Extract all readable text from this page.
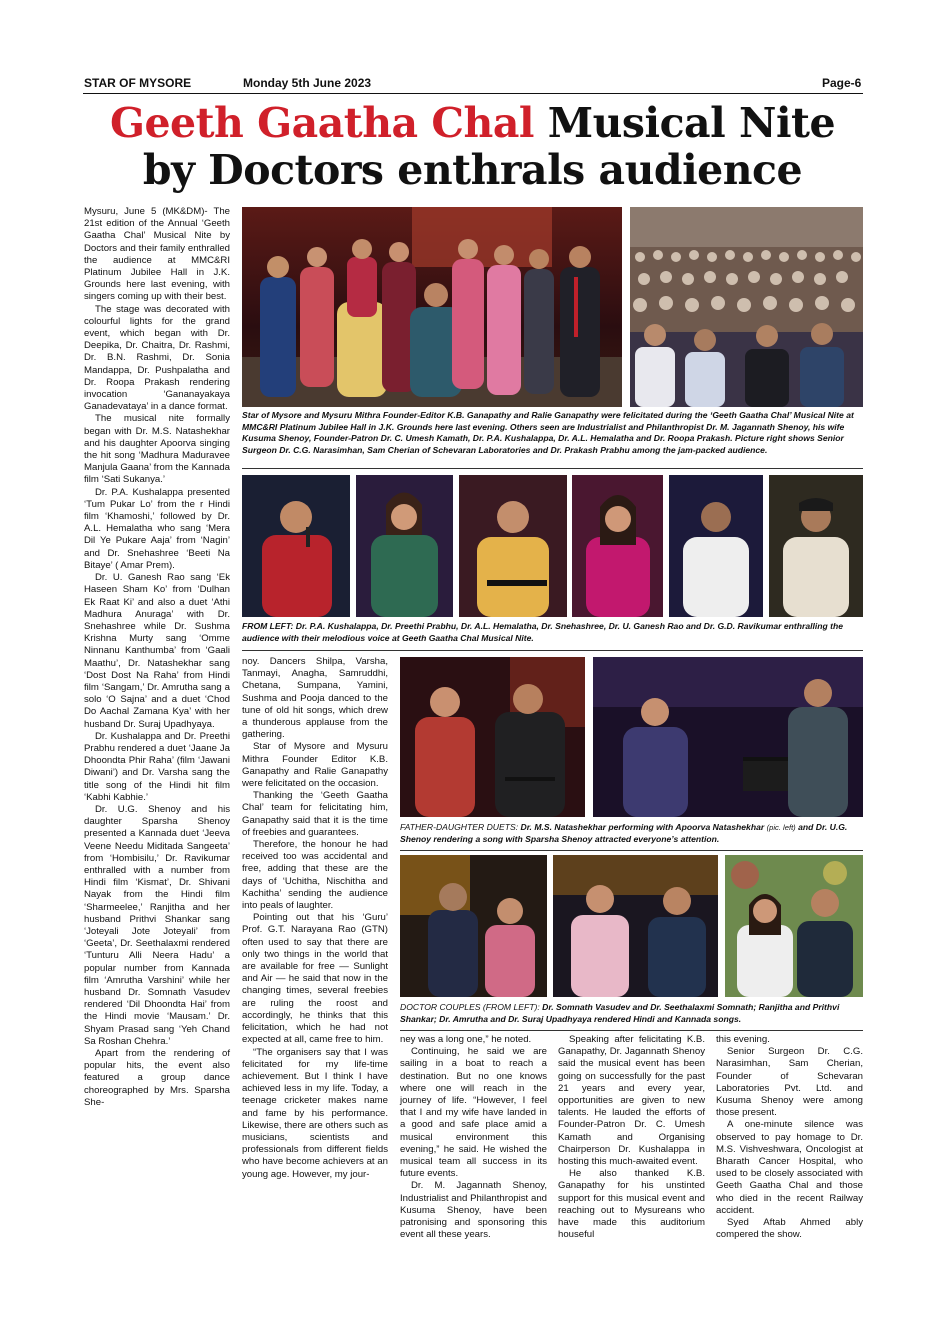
STAR OF MYSORE	Monday 5th June 2023	Page-6
Geeth Gaatha Chal Musical Nite
by Doctors enthrals audience

Mysuru, June 5 (MK&DM)- The 21st edition of the Annual ‘Geeth Gaatha Chal’ Musical Nite by Doctors and their family enthralled the audience at MMC&RI Platinum Jubilee Hall in J.K. Grounds here last evening, with singers coming up with their best.

The stage was decorated with colourful lights for the grand event, which began with Dr. Deepika, Dr. Chaitra, Dr. Rashmi, Dr. B.N. Rashmi, Dr. Sonia Mandappa, Dr. Pushpalatha and Dr. Roopa Prakash rendering invocation ‘Gananayakaya Ganadevataya’ in a dance format.

The musical nite formally began with Dr. M.S. Natashekhar and his daughter Apoorva singing the hit song ‘Madhura Maduravee Manjula Gaana’ from the Kannada film ‘Sati Sukanya.’

Dr. P.A. Kushalappa presented ‘Tum Pukar Lo’ from the r Hindi film ‘Khamoshi,’ followed by Dr. A.L. Hemalatha who sang ‘Mera Dil Ye Pukare Aaja’ from ‘Nagin’ and Dr. Snehashree ‘Beeti Na Bitaye’ ( Amar Prem).

Dr. U. Ganesh Rao sang ‘Ek Haseen Sham Ko’ from ‘Dulhan Ek Raat Ki’ and also a duet ‘Athi Madhura Anuraga’ with Dr. Snehashree while Dr. Sushma Krishna Murty sang ‘Omme Ninnanu Kanthumba’ from ‘Gaali Maathu’, Dr. Natashekhar sang ‘Dost Dost Na Raha’ from Hindi film ‘Sangam,’ Dr. Amrutha sang a solo ‘O Sajna’ and a duet ‘Chod Do Aachal Zamana Kya’ with her husband Dr. Suraj Upadhyaya.

Dr. Kushalappa and Dr. Preethi Prabhu rendered a duet ‘Jaane Ja Dhoondta Phir Raha’ (film ‘Jawani Diwani’) and Dr. Varsha sang the title song of the Hindi hit film ‘Kabhi Kabhie.’

Dr. U.G. Shenoy and his daughter Sparsha Shenoy presented a Kannada duet ‘Jeeva Veene Needu Miditada Sangeeta’ from ‘Hombisilu,’ Dr. Ravikumar enthralled with a number from Hindi film ‘Kismat’, Dr. Shivani Nayak from the Hindi film ‘Sharmeelee,’ Ranjitha and her husband Prithvi Shankar sang ‘Joteyali Jote Joteyali’ from ‘Geeta’, Dr. Seethalaxmi rendered ‘Tunturu Alli Neera Hadu’ a popular number from Kannada film ‘Amrutha Varshini’ while her husband Dr. Somnath Vasudev rendered ‘Dil Dhoondta Hai’ from the Hindi movie ‘Mausam.’ Dr. Shyam Prasad sang ‘Yeh Chand Sa Roshan Chehra.’

Apart from the rendering of popular hits, the event also featured a group dance choreographed by Mrs. Sparsha She-

Star of Mysore and Mysuru Mithra Founder-Editor K.B. Ganapathy and Ralie Ganapathy were felicitated during the ‘Geeth Gaatha Chal’ Musical Nite at MMC&RI Platinum Jubilee Hall in J.K. Grounds here last evening. Others seen are Industrialist and Philanthropist Dr. M. Jagannath Shenoy, his wife Kusuma Shenoy, Founder-Patron Dr. C. Umesh Kamath, Dr. P.A. Kushalappa, Dr. A.L. Hemalatha and Dr. Roopa Prakash. Picture right shows Senior Surgeon Dr. C.G. Narasimhan, Sam Cherian of Schevaran Laboratories and Dr. Prakash Prabhu among the jam-packed audience.
FROM LEFT: Dr. P.A. Kushalappa, Dr. Preethi Prabhu, Dr. A.L. Hemalatha, Dr. Snehashree, Dr. U. Ganesh Rao and Dr. G.D. Ravikumar enthralling the audience with their melodious voice at Geeth Gaatha Chal Musical Nite.

noy. Dancers Shilpa, Varsha, Tanmayi, Anagha, Samruddhi, Chetana, Sumpana, Yamini, Sushma and Pooja danced to the tune of old hit songs, which drew a thunderous applause from the gathering.

Star of Mysore and Mysuru Mithra Founder Editor K.B. Ganapathy and Ralie Ganapathy were felicitated on the occasion.

Thanking the ‘Geeth Gaatha Chal’ team for felicitating him, Ganapathy said that it is the time of freebies and guarantees.

Therefore, the honour he had received too was accidental and free, adding that these are the days of ‘Uchitha, Nischitha and Kachitha’ sending the audience into peals of laughter.

Pointing out that his ‘Guru’ Prof. G.T. Narayana Rao (GTN) often used to say that there are only two things in the world that are available for free — Sunlight and Air — he said that now in the changing times, several freebies are ruling the roost and accordingly, he thinks that this felicitation, which he had not expected at all, came free to him.

“The organisers say that I was felicitated for my life-time achievement. But I think I have achieved less in my life. Today, a teenage cricketer makes name and fame by his performance. Likewise, there are others such as musicians, scientists and professionals from different fields who have become achievers at an young age. However, my jour-

FATHER-DAUGHTER DUETS: Dr. M.S. Natashekhar performing with Apoorva Natashekhar (pic. left) and Dr. U.G. Shenoy rendering a song with Sparsha Shenoy attracted everyone’s attention.
DOCTOR COUPLES (FROM LEFT): Dr. Somnath Vasudev and Dr. Seethalaxmi Somnath; Ranjitha and Prithvi Shankar; Dr. Amrutha and Dr. Suraj Upadhyaya rendered Hindi and Kannada songs.

ney was a long one,” he noted.

Continuing, he said we are sailing in a boat to reach a destination. But no one knows where one will reach in the journey of life. “However, I feel that I and my wife have landed in a good and safe place amid a musical environment this evening,” he said. He wished the musical team all success in its future events.

Dr. M. Jagannath Shenoy, Industrialist and Philanthropist and Kusuma Shenoy, have been patronising and sponsoring this event all these years.

Speaking after felicitating K.B. Ganapathy, Dr. Jagannath Shenoy said the musical event has been going on successfully for the past 21 years and every year, opportunities are given to new talents. He lauded the efforts of Founder-Patron Dr. C. Umesh Kamath and Organising Chairperson Dr. Kushalappa in hosting this much-awaited event.

He also thanked K.B. Ganapathy for his unstinted support for this musical event and reaching out to Mysureans who have made this auditorium houseful

this evening.

Senior Surgeon Dr. C.G. Narasimhan, Sam Cherian, Founder of Schevaran Laboratories Pvt. Ltd. and Kusuma Shenoy were among those present.

A one-minute silence was observed to pay homage to Dr. M.S. Vishveshwara, Oncologist at Bharath Cancer Hospital, who used to be closely associated with Geeth Gaatha Chal and those who died in the recent Railway accident.

Syed Aftab Ahmed ably compered the show.
